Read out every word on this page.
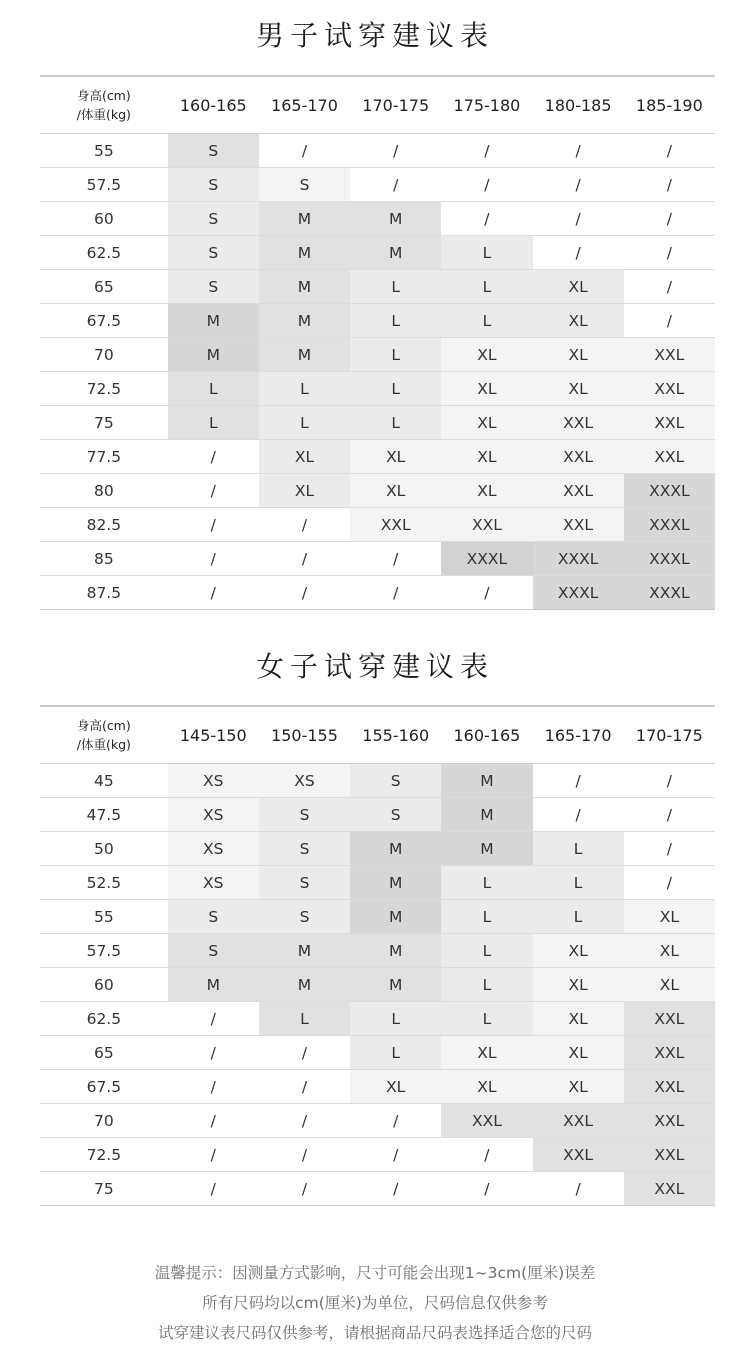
男子试穿建议表
身高(cm)
/体重(kg)	160-165	165-170	170-175	175-180	180-185	185-190
55	S	/	/	/	/	/
57.5	S	S	/	/	/	/
60	S	M	M	/	/	/
62.5	S	M	M	L	/	/
65	S	M	L	L	XL	/
67.5	M	M	L	L	XL	/
70	M	M	L	XL	XL	XXL
72.5	L	L	L	XL	XL	XXL
75	L	L	L	XL	XXL	XXL
77.5	/	XL	XL	XL	XXL	XXL
80	/	XL	XL	XL	XXL	XXXL
82.5	/	/	XXL	XXL	XXL	XXXL
85	/	/	/	XXXL	XXXL	XXXL
87.5	/	/	/	/	XXXL	XXXL
女子试穿建议表
身高(cm)
/体重(kg)	145-150	150-155	155-160	160-165	165-170	170-175
45	XS	XS	S	M	/	/
47.5	XS	S	S	M	/	/
50	XS	S	M	M	L	/
52.5	XS	S	M	L	L	/
55	S	S	M	L	L	XL
57.5	S	M	M	L	XL	XL
60	M	M	M	L	XL	XL
62.5	/	L	L	L	XL	XXL
65	/	/	L	XL	XL	XXL
67.5	/	/	XL	XL	XL	XXL
70	/	/	/	XXL	XXL	XXL
72.5	/	/	/	/	XXL	XXL
75	/	/	/	/	/	XXL
温馨提示：因测量方式影响，尺寸可能会出现1~3cm(厘米)误差
所有尺码均以cm(厘米)为单位，尺码信息仅供参考
试穿建议表尺码仅供参考，请根据商品尺码表选择适合您的尺码
